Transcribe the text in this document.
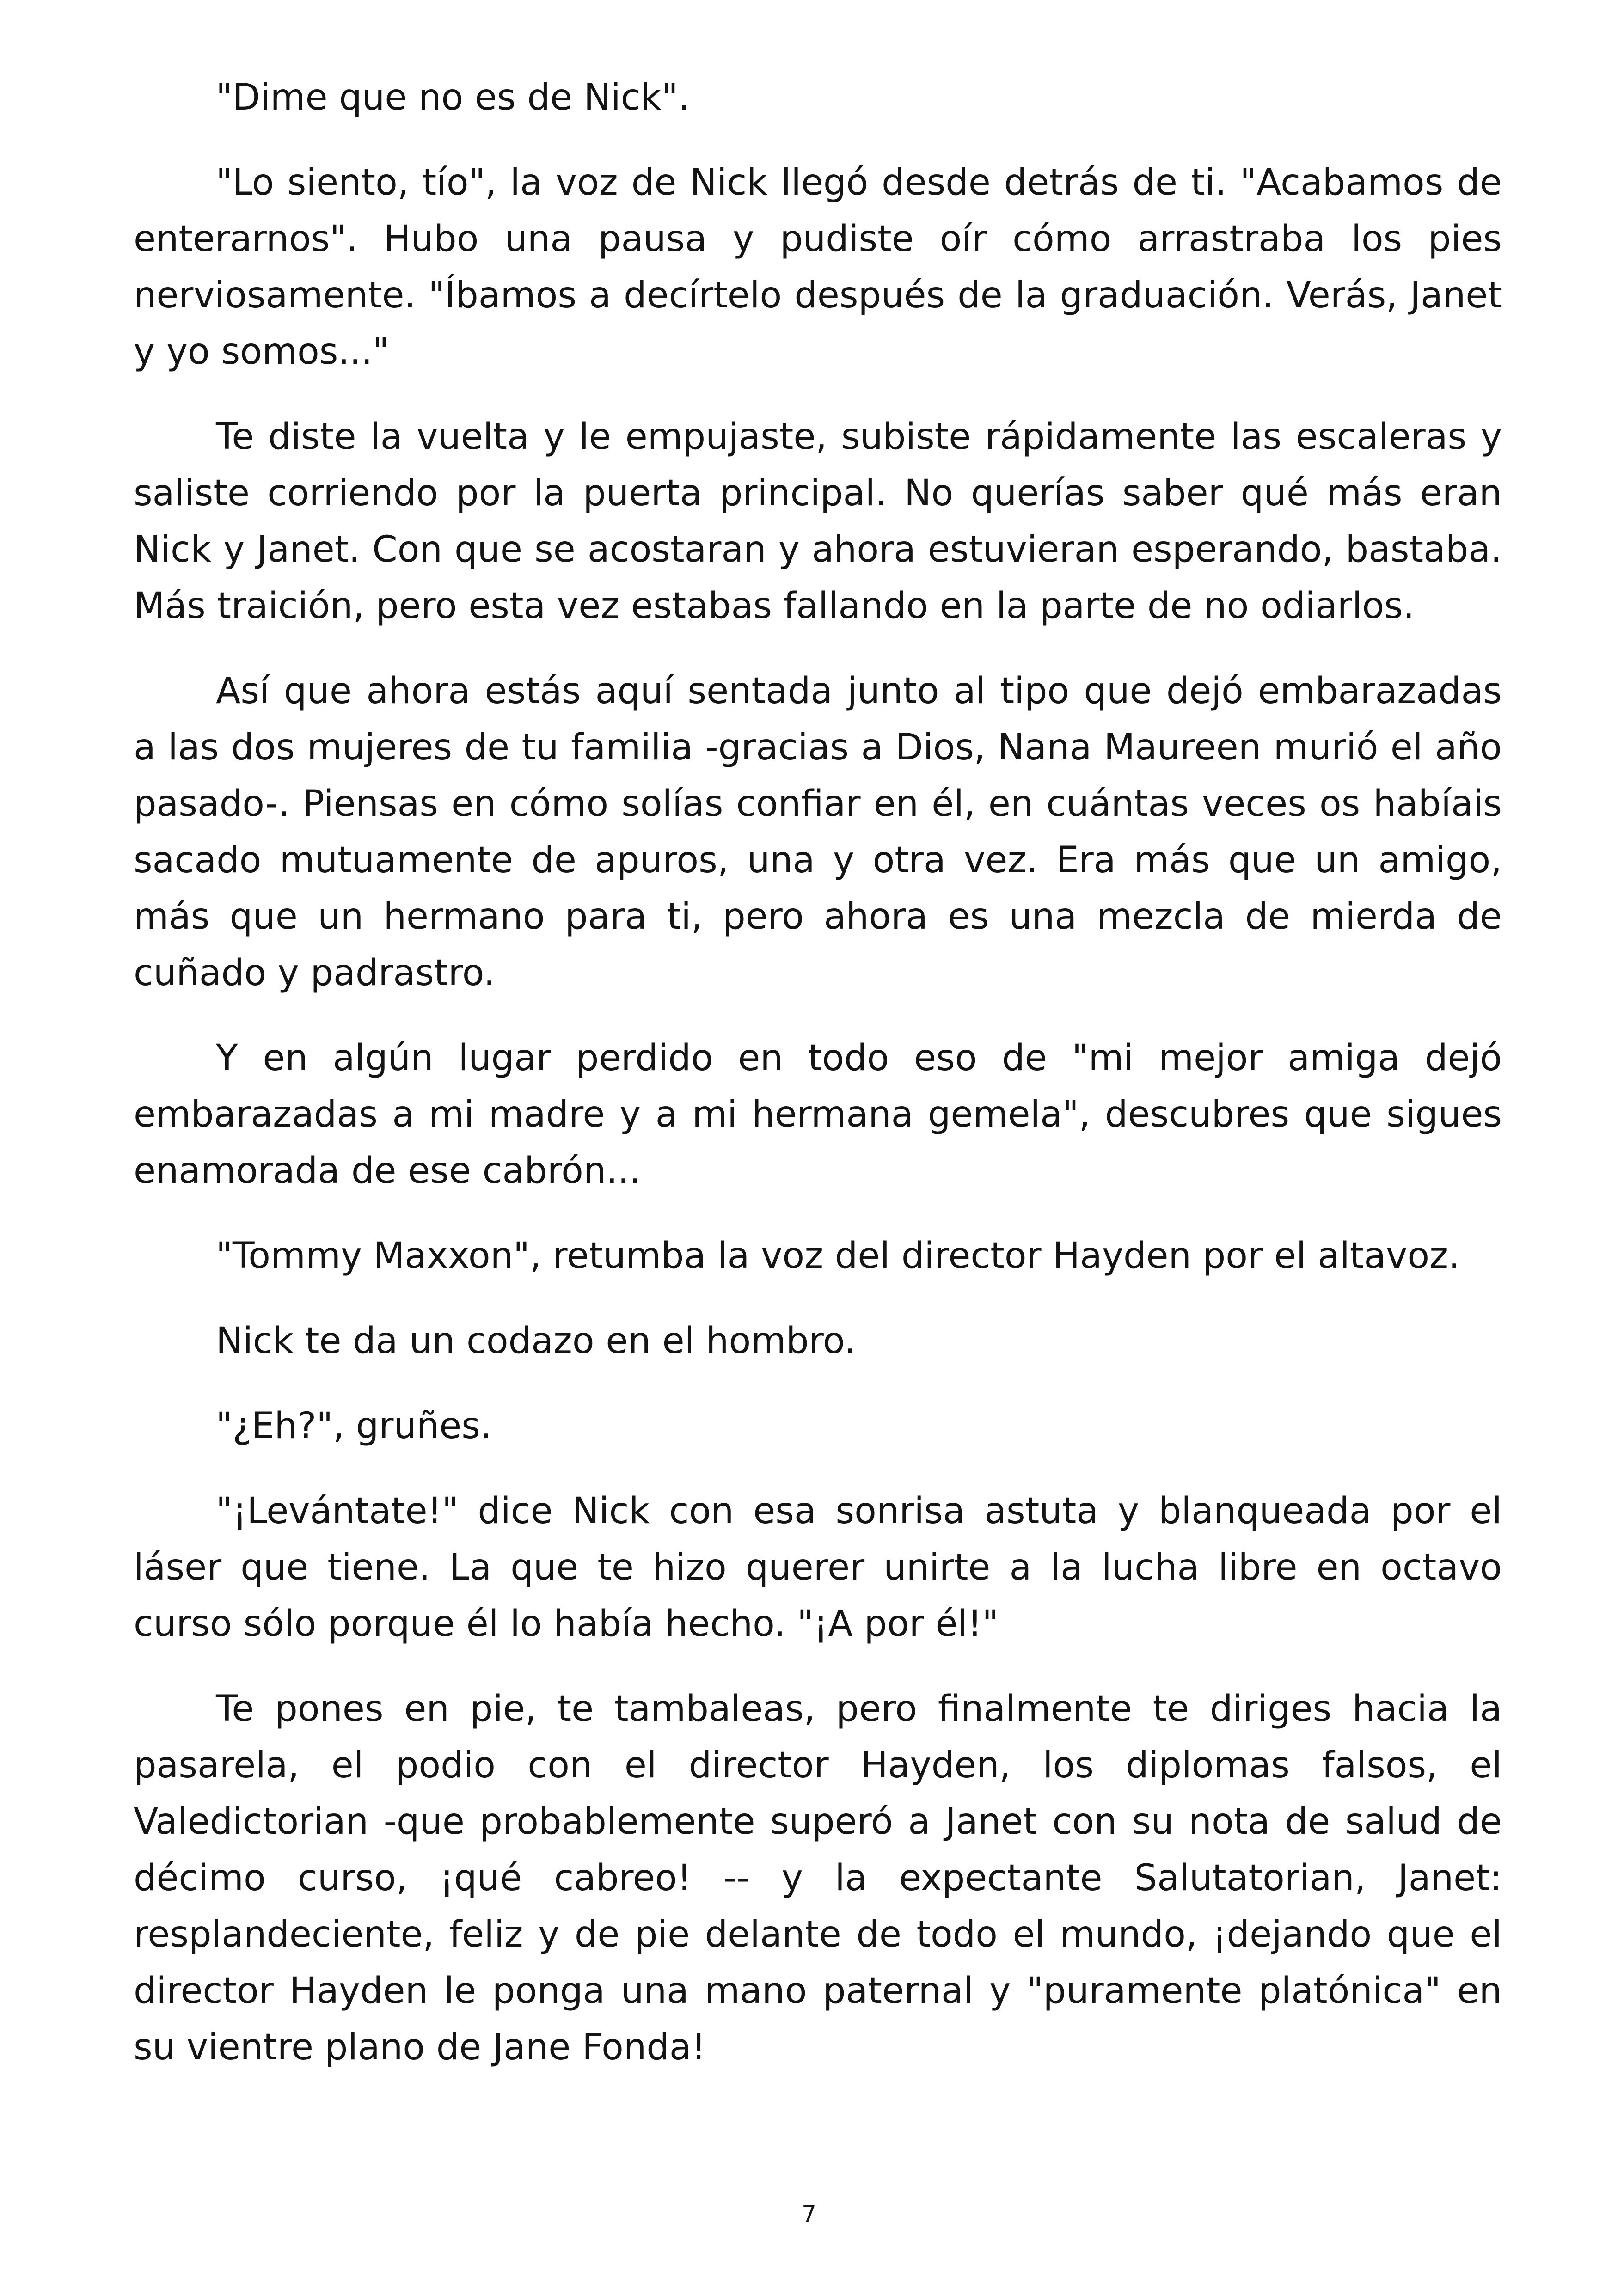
"Dime que no es de Nick".

"Lo siento, tío", la voz de Nick llegó desde detrás de ti. "Acabamos de enterarnos". Hubo una pausa y pudiste oír cómo arrastraba los pies nerviosamente. "Íbamos a decírtelo después de la graduación. Verás, Janet y yo somos..."

Te diste la vuelta y le empujaste, subiste rápidamente las escaleras y saliste corriendo por la puerta principal. No querías saber qué más eran Nick y Janet. Con que se acostaran y ahora estuvieran esperando, bastaba. Más traición, pero esta vez estabas fallando en la parte de no odiarlos.

Así que ahora estás aquí sentada junto al tipo que dejó embarazadas a las dos mujeres de tu familia -gracias a Dios, Nana Maureen murió el año pasado-. Piensas en cómo solías confiar en él, en cuántas veces os habíais sacado mutuamente de apuros, una y otra vez. Era más que un amigo, más que un hermano para ti, pero ahora es una mezcla de mierda de cuñado y padrastro.

Y en algún lugar perdido en todo eso de "mi mejor amiga dejó embarazadas a mi madre y a mi hermana gemela", descubres que sigues enamorada de ese cabrón...

"Tommy Maxxon", retumba la voz del director Hayden por el altavoz.

Nick te da un codazo en el hombro.

"¿Eh?", gruñes.

"¡Levántate!" dice Nick con esa sonrisa astuta y blanqueada por el láser que tiene. La que te hizo querer unirte a la lucha libre en octavo curso sólo porque él lo había hecho. "¡A por él!"

Te pones en pie, te tambaleas, pero finalmente te diriges hacia la pasarela, el podio con el director Hayden, los diplomas falsos, el Valedictorian -que probablemente superó a Janet con su nota de salud de décimo curso, ¡qué cabreo! -- y la expectante Salutatorian, Janet: resplandeciente, feliz y de pie delante de todo el mundo, ¡dejando que el director Hayden le ponga una mano paternal y "puramente platónica" en su vientre plano de Jane Fonda!

7
